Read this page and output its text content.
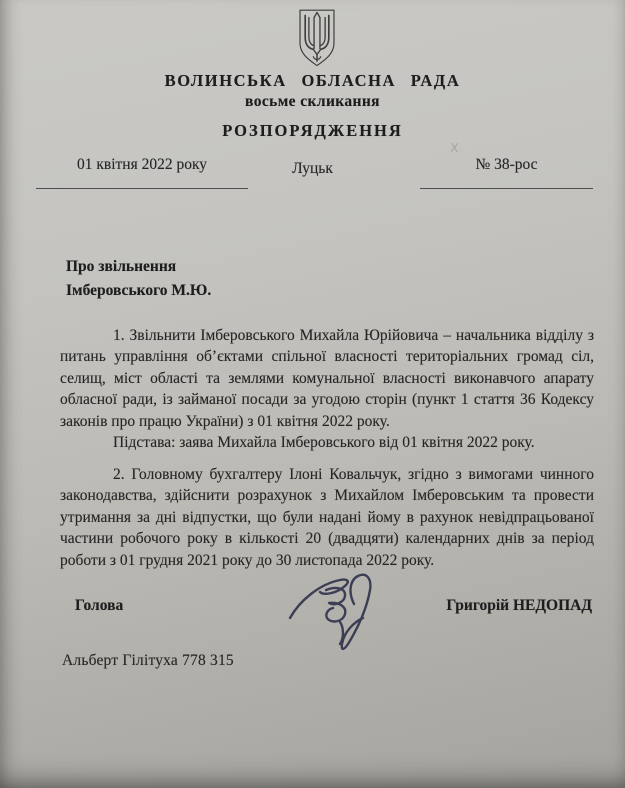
ВОЛИНСЬКА ОБЛАСНА РАДА
восьме скликання
РОЗПОРЯДЖЕННЯ
01 квітня 2022 року	Луцьк	№ 38-рос
Про звільнення
Імберовського М.Ю.
1. Звільнити Імберовського Михайла Юрійовича – начальника відділу з питань управління об’єктами спільної власності територіальних громад сіл, селищ, міст області та землями комунальної власності виконавчого апарату обласної ради, із займаної посади за угодою сторін (пункт 1 стаття 36 Кодексу законів про працю України) з 01 квітня 2022 року.
Підстава: заява Михайла Імберовського від 01 квітня 2022 року.
2. Головному бухгалтеру Ілоні Ковальчук, згідно з вимогами чинного законодавства, здійснити розрахунок з Михайлом Імберовським та провести утримання за дні відпустки, що були надані йому в рахунок невідпрацьованої частини робочого року в кількості 20 (двадцяти) календарних днів за період роботи з 01 грудня 2021 року до 30 листопада 2022 року.
Голова	Григорій НЕДОПАД
Альберт Гілітуха 778 315
